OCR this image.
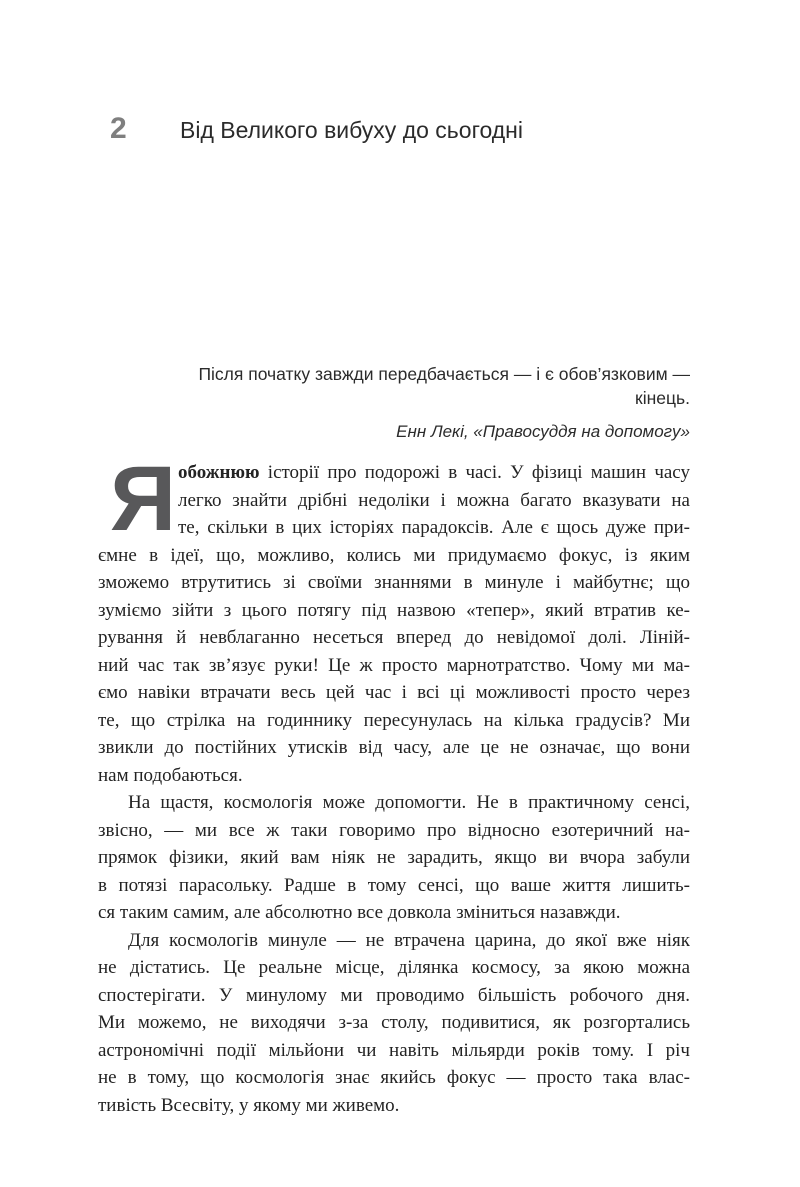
2 Від Великого вибуху до сьогодні

Після початку завжди передбачається — і є обов’язковим — кінець.

Енн Лекі, «Правосуддя на допомогу»

Я обожнюю історії про подорожі в часі. У фізиці машин часу
легко знайти дрібні недоліки і можна багато вказувати на
те, скільки в цих історіях парадоксів. Але є щось дуже при-
ємне в ідеї, що, можливо, колись ми придумаємо фокус, із яким
зможемо втрутитись зі своїми знаннями в минуле і майбутнє; що
зуміємо зійти з цього потягу під назвою «тепер», який втратив ке-
рування й невблаганно несеться вперед до невідомої долі. Ліній-
ний час так зв’язує руки! Це ж просто марнотратство. Чому ми ма-
ємо навіки втрачати весь цей час і всі ці можливості просто через
те, що стрілка на годиннику пересунулась на кілька градусів? Ми
звикли до постійних утисків від часу, але це не означає, що вони
нам подобаються.
На щастя, космологія може допомогти. Не в практичному сенсі,
звісно, — ми все ж таки говоримо про відносно езотеричний на-
прямок фізики, який вам ніяк не зарадить, якщо ви вчора забули
в потязі парасольку. Радше в тому сенсі, що ваше життя лишить-
ся таким самим, але абсолютно все довкола зміниться назавжди.
Для космологів минуле — не втрачена царина, до якої вже ніяк
не дістатись. Це реальне місце, ділянка космосу, за якою можна
спостерігати. У минулому ми проводимо більшість робочого дня.
Ми можемо, не виходячи з-за столу, подивитися, як розгортались
астрономічні події мільйони чи навіть мільярди років тому. І річ
не в тому, що космологія знає якийсь фокус — просто така влас-
тивість Всесвіту, у якому ми живемо.
